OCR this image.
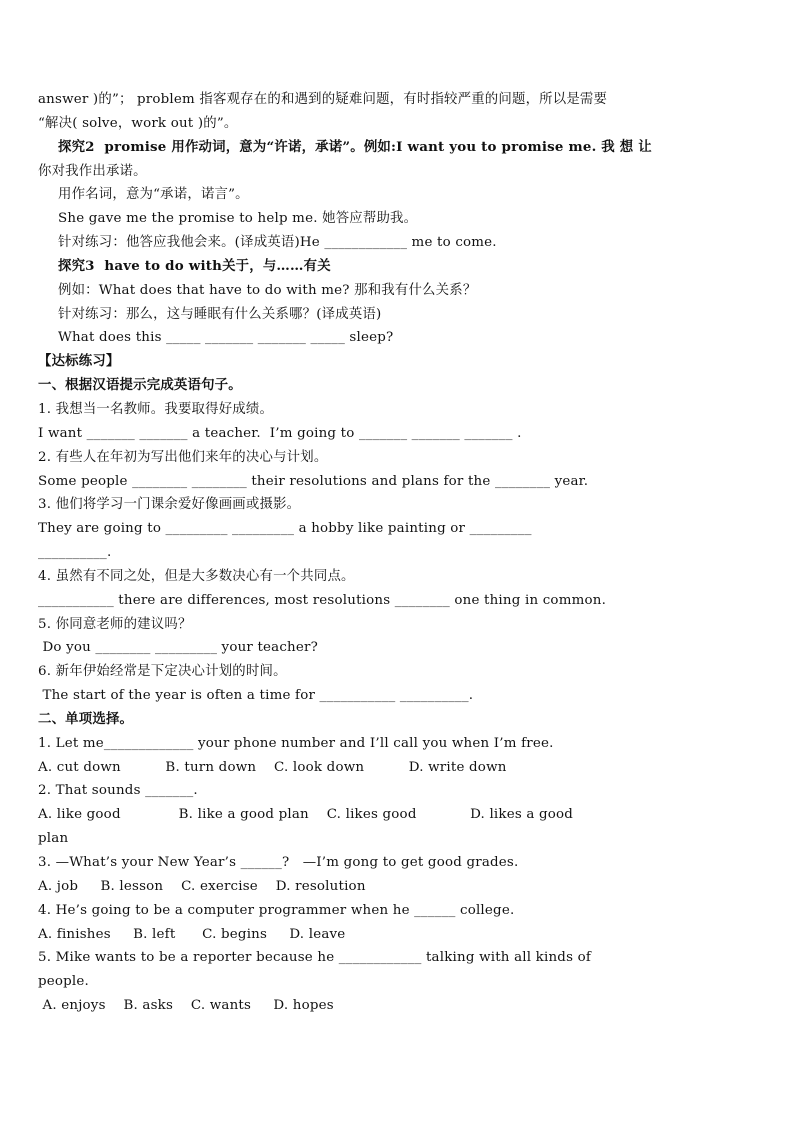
answer )的”； problem 指客观存在的和遇到的疑难问题，有时指较严重的问题，所以是需要
“解决( solve，work out )的”。
探究2  promise 用作动词，意为“许诺，承诺”。例如:I want you to promise me. 我 想 让
你对我作出承诺。
用作名词，意为“承诺，诺言”。
She gave me the promise to help me. 她答应帮助我。
针对练习：他答应我他会来。(译成英语)He ____________ me to come.
探究3  have to do with关于，与……有关
例如：What does that have to do with me? 那和我有什么关系？
针对练习：那么，这与睡眠有什么关系哪？(译成英语)
What does this _____ _______ _______ _____ sleep?
【达标练习】
一、根据汉语提示完成英语句子。
1. 我想当一名教师。我要取得好成绩。
I want _______ _______ a teacher.  I’m going to _______ _______ _______ .
2. 有些人在年初为写出他们来年的决心与计划。
Some people ________ ________ their resolutions and plans for the ________ year.
3. 他们将学习一门课余爱好像画画或摄影。
They are going to _________ _________ a hobby like painting or _________
__________.
4. 虽然有不同之处，但是大多数决心有一个共同点。
___________ there are differences, most resolutions ________ one thing in common.
5. 你同意老师的建议吗？
Do you ________ _________ your teacher?
6. 新年伊始经常是下定决心计划的时间。
The start of the year is often a time for ___________ __________.
二、单项选择。
1. Let me_____________ your phone number and I’ll call you when I’m free.
A. cut down          B. turn down    C. look down          D. write down
2. That sounds _______.
A. like good             B. like a good plan    C. likes good            D. likes a good
plan
3. —What’s your New Year’s ______?   —I’m gong to get good grades.
A. job     B. lesson    C. exercise    D. resolution
4. He’s going to be a computer programmer when he ______ college.
A. finishes     B. left      C. begins     D. leave
5. Mike wants to be a reporter because he ____________ talking with all kinds of
people.
A. enjoys    B. asks    C. wants     D. hopes
